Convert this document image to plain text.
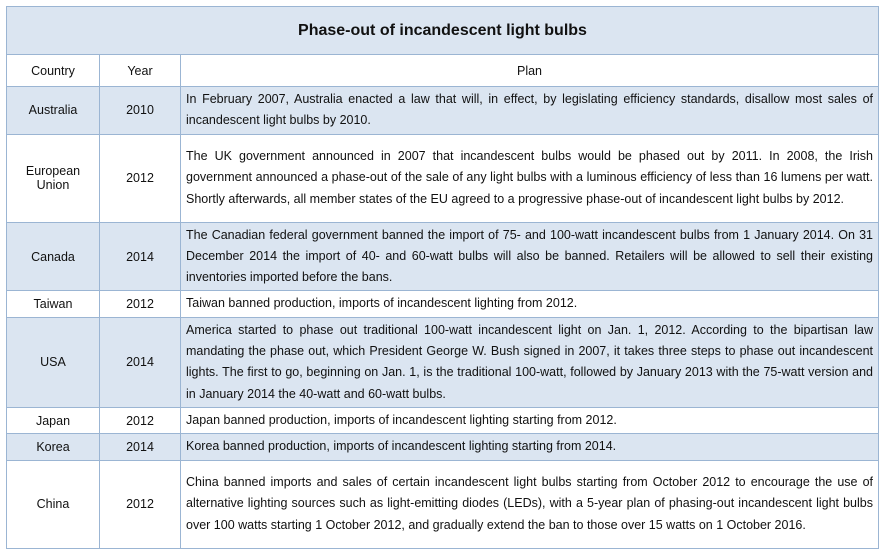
Phase-out of incandescent light bulbs		
Country	Year	Plan
Australia	2010	In February 2007, Australia enacted a law that will, in effect, by legislating efficiency standards, disallow most sales of incandescent light bulbs by 2010.
European Union	2012	The UK government announced in 2007 that incandescent bulbs would be phased out by 2011. In 2008, the Irish government announced a phase-out of the sale of any light bulbs with a luminous efficiency of less than 16 lumens per watt. Shortly afterwards, all member states of the EU agreed to a progressive phase-out of incandescent light bulbs by 2012.
Canada	2014	The Canadian federal government banned the import of 75- and 100-watt incandescent bulbs from 1 January 2014. On 31 December 2014 the import of 40- and 60-watt bulbs will also be banned. Retailers will be allowed to sell their existing inventories imported before the bans.
Taiwan	2012	Taiwan banned production, imports of incandescent lighting from 2012.
USA	2014	America started to phase out traditional 100-watt incandescent light on Jan. 1, 2012. According to the bipartisan law mandating the phase out, which President George W. Bush signed in 2007, it takes three steps to phase out incandescent lights. The first to go, beginning on Jan. 1, is the traditional 100-watt, followed by January 2013 with the 75-watt version and in January 2014 the 40-watt and 60-watt bulbs.
Japan	2012	Japan banned production, imports of incandescent lighting starting from 2012.
Korea	2014	Korea banned production, imports of incandescent lighting starting from 2014.
China	2012	China banned imports and sales of certain incandescent light bulbs starting from October 2012 to encourage the use of alternative lighting sources such as light-emitting diodes (LEDs), with a 5-year plan of phasing-out incandescent light bulbs over 100 watts starting 1 October 2012, and gradually extend the ban to those over 15 watts on 1 October 2016.
